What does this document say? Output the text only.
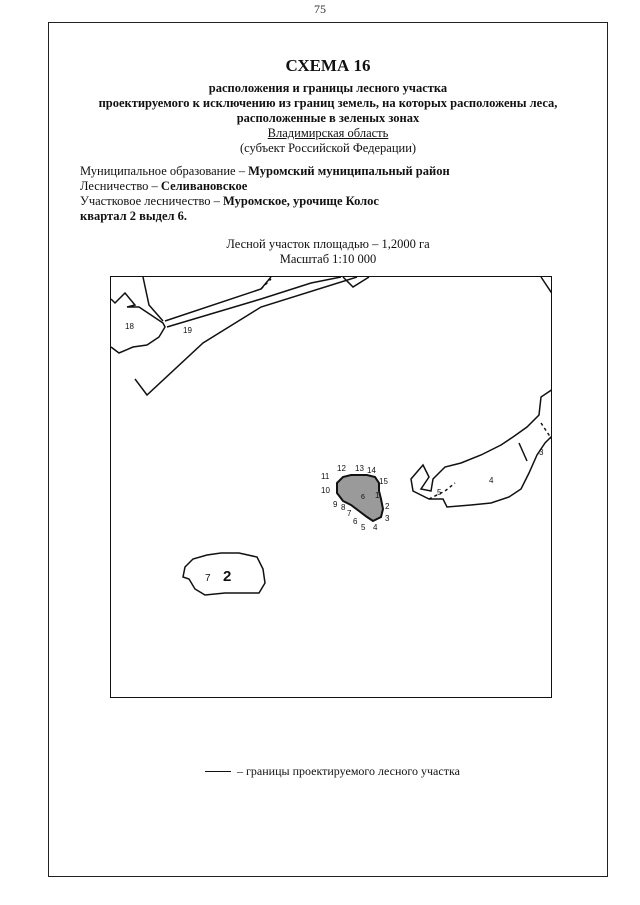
75
СХЕМА 16
расположения и границы лесного участка
проектируемого к исключению из границ земель, на которых расположены леса,
расположенные в зеленых зонах
Владимирская область
(субъект Российской Федерации)
Муниципальное образование – Муромский муниципальный район
Лесничество – Селивановское
Участковое лесничество – Муромское, урочище Колос
квартал 2 выдел 6.
Лесной участок площадью – 1,2000 га
Масштаб 1:10 000
18	19
7 2
3
4
5
1
2
3
4
5
6
7
8
9
10
11
12 13 14
15
6
– границы проектируемого лесного участка
